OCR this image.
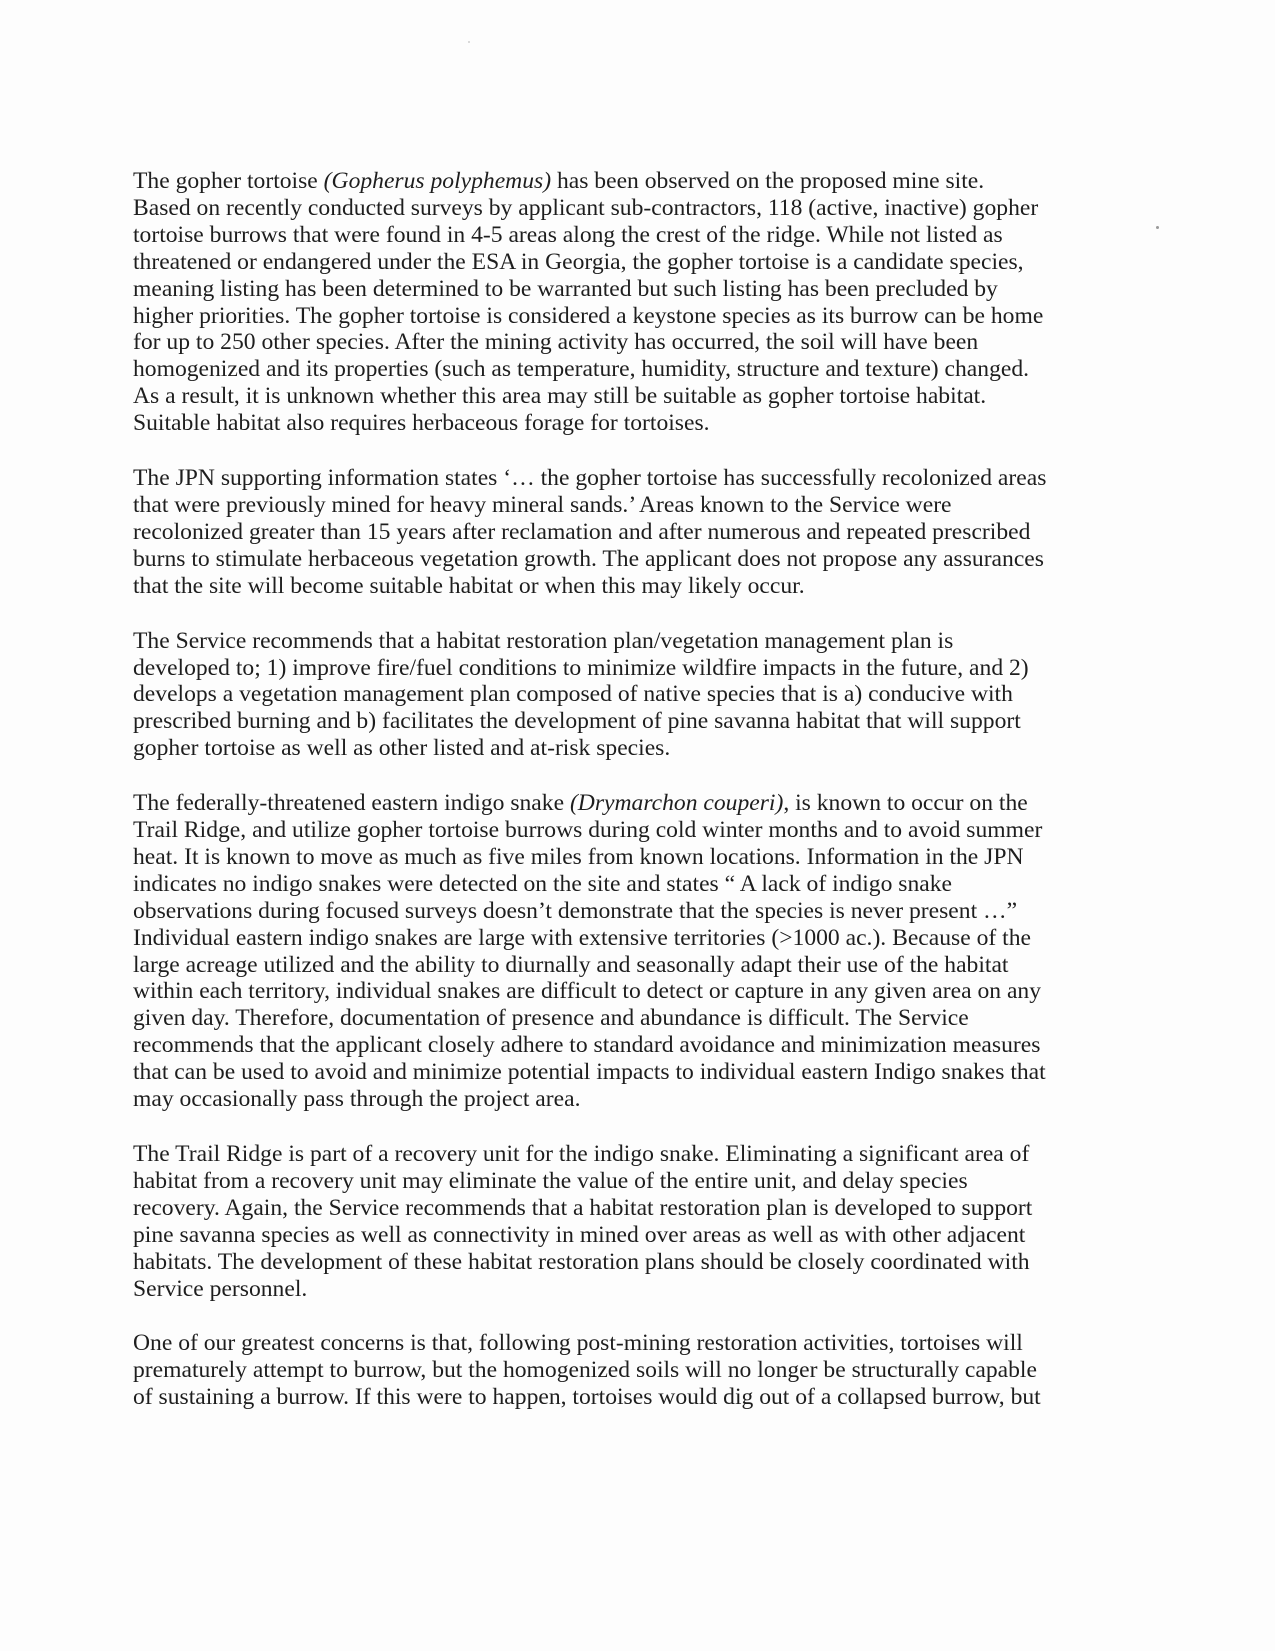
The gopher tortoise (Gopherus polyphemus) has been observed on the proposed mine site.
Based on recently conducted surveys by applicant sub-contractors, 118 (active, inactive) gopher
tortoise burrows that were found in 4-5 areas along the crest of the ridge. While not listed as
threatened or endangered under the ESA in Georgia, the gopher tortoise is a candidate species,
meaning listing has been determined to be warranted but such listing has been precluded by
higher priorities. The gopher tortoise is considered a keystone species as its burrow can be home
for up to 250 other species. After the mining activity has occurred, the soil will have been
homogenized and its properties (such as temperature, humidity, structure and texture) changed.
As a result, it is unknown whether this area may still be suitable as gopher tortoise habitat.
Suitable habitat also requires herbaceous forage for tortoises.
The JPN supporting information states ‘… the gopher tortoise has successfully recolonized areas
that were previously mined for heavy mineral sands.’ Areas known to the Service were
recolonized greater than 15 years after reclamation and after numerous and repeated prescribed
burns to stimulate herbaceous vegetation growth. The applicant does not propose any assurances
that the site will become suitable habitat or when this may likely occur.
The Service recommends that a habitat restoration plan/vegetation management plan is
developed to; 1) improve fire/fuel conditions to minimize wildfire impacts in the future, and 2)
develops a vegetation management plan composed of native species that is a) conducive with
prescribed burning and b) facilitates the development of pine savanna habitat that will support
gopher tortoise as well as other listed and at-risk species.
The federally-threatened eastern indigo snake (Drymarchon couperi), is known to occur on the
Trail Ridge, and utilize gopher tortoise burrows during cold winter months and to avoid summer
heat. It is known to move as much as five miles from known locations. Information in the JPN
indicates no indigo snakes were detected on the site and states “ A lack of indigo snake
observations during focused surveys doesn’t demonstrate that the species is never present …”
Individual eastern indigo snakes are large with extensive territories (>1000 ac.). Because of the
large acreage utilized and the ability to diurnally and seasonally adapt their use of the habitat
within each territory, individual snakes are difficult to detect or capture in any given area on any
given day. Therefore, documentation of presence and abundance is difficult. The Service
recommends that the applicant closely adhere to standard avoidance and minimization measures
that can be used to avoid and minimize potential impacts to individual eastern Indigo snakes that
may occasionally pass through the project area.
The Trail Ridge is part of a recovery unit for the indigo snake. Eliminating a significant area of
habitat from a recovery unit may eliminate the value of the entire unit, and delay species
recovery. Again, the Service recommends that a habitat restoration plan is developed to support
pine savanna species as well as connectivity in mined over areas as well as with other adjacent
habitats. The development of these habitat restoration plans should be closely coordinated with
Service personnel.
One of our greatest concerns is that, following post-mining restoration activities, tortoises will
prematurely attempt to burrow, but the homogenized soils will no longer be structurally capable
of sustaining a burrow. If this were to happen, tortoises would dig out of a collapsed burrow, but
